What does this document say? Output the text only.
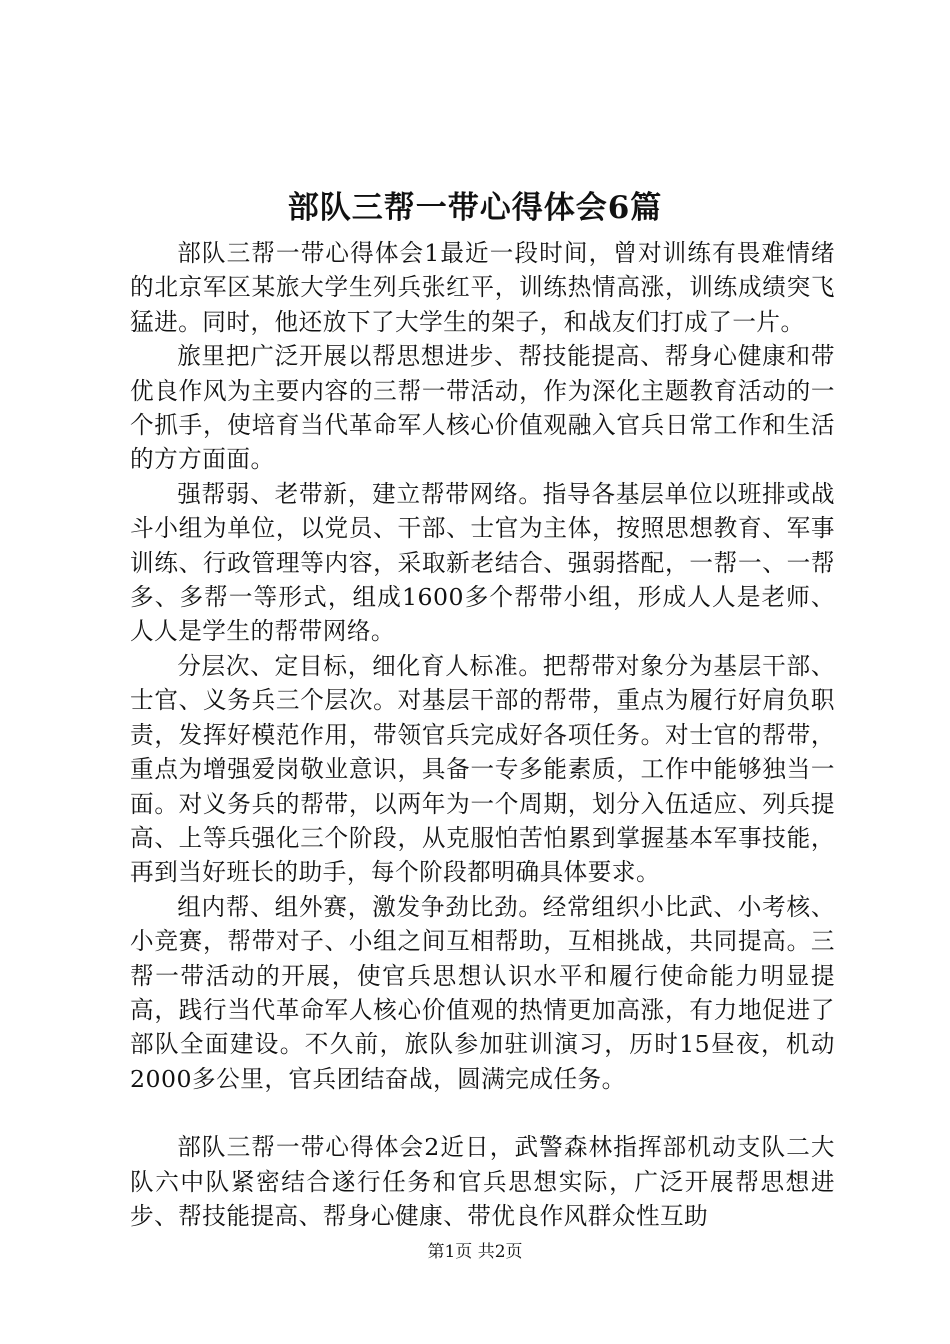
部队三帮一带心得体会6篇

部队三帮一带心得体会1最近一段时间，曾对训练有畏难情绪的北京军区某旅大学生列兵张红平，训练热情高涨，训练成绩突飞猛进。同时，他还放下了大学生的架子，和战友们打成了一片。

旅里把广泛开展以帮思想进步、帮技能提高、帮身心健康和带优良作风为主要内容的三帮一带活动，作为深化主题教育活动的一个抓手，使培育当代革命军人核心价值观融入官兵日常工作和生活的方方面面。

强帮弱、老带新，建立帮带网络。指导各基层单位以班排或战斗小组为单位，以党员、干部、士官为主体，按照思想教育、军事训练、行政管理等内容，采取新老结合、强弱搭配，一帮一、一帮多、多帮一等形式，组成1600多个帮带小组，形成人人是老师、人人是学生的帮带网络。

分层次、定目标，细化育人标准。把帮带对象分为基层干部、士官、义务兵三个层次。对基层干部的帮带，重点为履行好肩负职责，发挥好模范作用，带领官兵完成好各项任务。对士官的帮带，重点为增强爱岗敬业意识，具备一专多能素质，工作中能够独当一面。对义务兵的帮带，以两年为一个周期，划分入伍适应、列兵提高、上等兵强化三个阶段，从克服怕苦怕累到掌握基本军事技能，再到当好班长的助手，每个阶段都明确具体要求。

组内帮、组外赛，激发争劲比劲。经常组织小比武、小考核、小竞赛，帮带对子、小组之间互相帮助，互相挑战，共同提高。三帮一带活动的开展，使官兵思想认识水平和履行使命能力明显提高，践行当代革命军人核心价值观的热情更加高涨，有力地促进了部队全面建设。不久前，旅队参加驻训演习，历时15昼夜，机动2000多公里，官兵团结奋战，圆满完成任务。

部队三帮一带心得体会2近日，武警森林指挥部机动支队二大队六中队紧密结合遂行任务和官兵思想实际，广泛开展帮思想进步、帮技能提高、帮身心健康、带优良作风群众性互助

第1页 共2页
